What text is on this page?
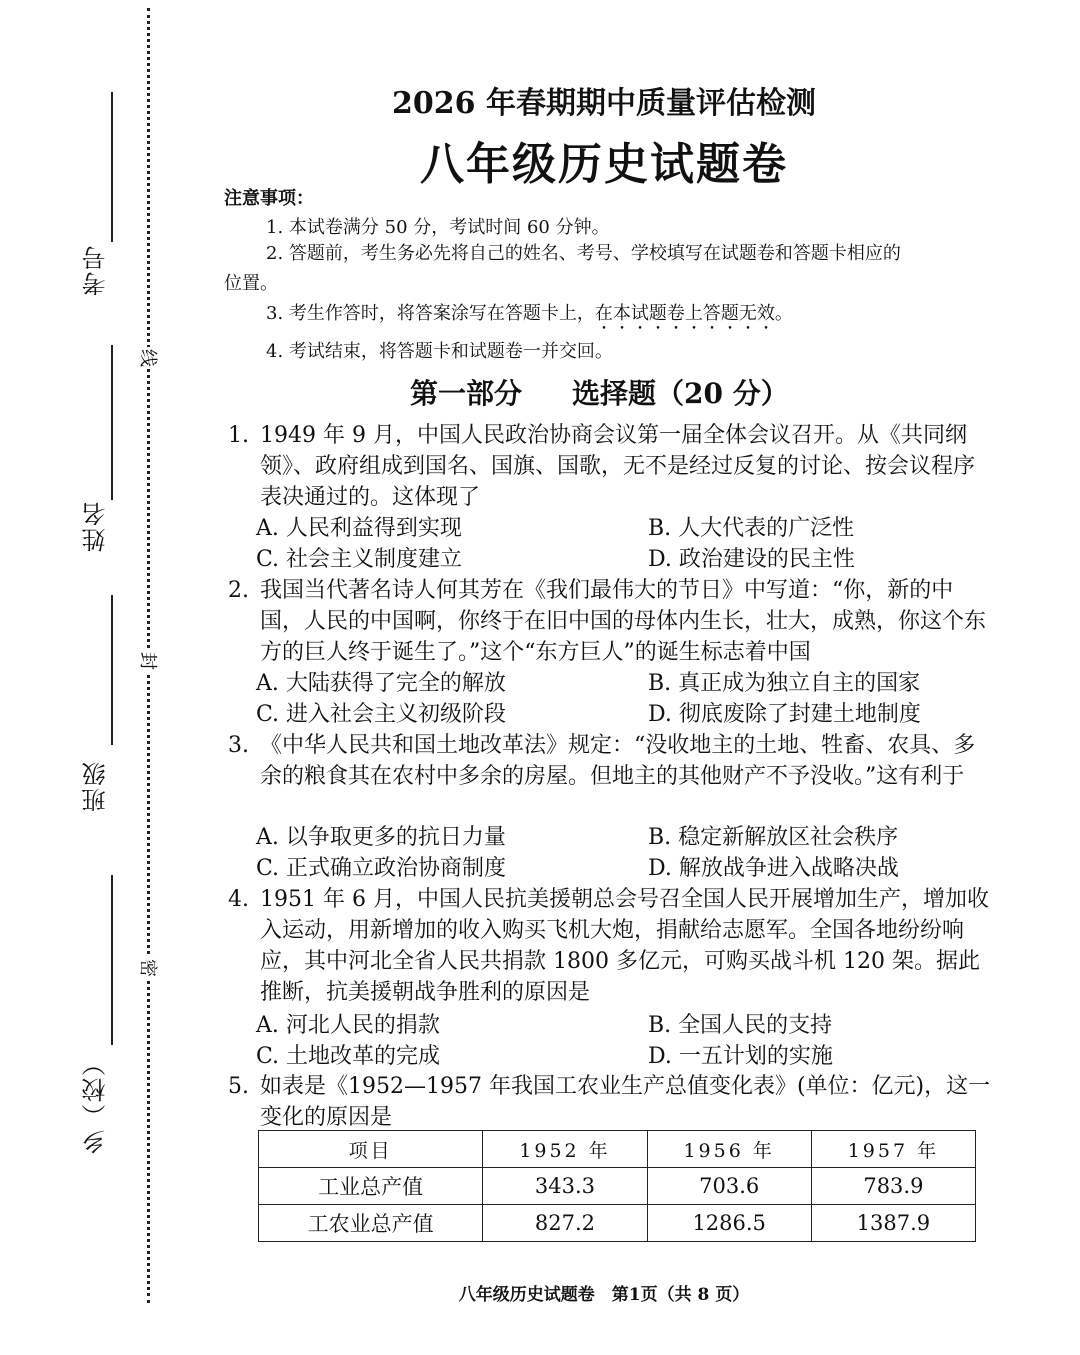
线
封
密
考号
姓名
班级
乡（校）
2026 年春期期中质量评估检测
八年级历史试题卷
注意事项：
1. 本试卷满分 50 分，考试时间 60 分钟。
2. 答题前，考生务必先将自己的姓名、考号、学校填写在试题卷和答题卡相应的
位置。
3. 考生作答时，将答案涂写在答题卡上，在本试题卷上答题无效。
4. 考试结束，将答题卡和试题卷一并交回。
第一部分 选择题（20 分）
1. 1949 年 9 月，中国人民政治协商会议第一届全体会议召开。从《共同纲领》、政府组成到国名、国旗、国歌，无不是经过反复的讨论、按会议程序表决通过的。这体现了
A. 人民利益得到实现	B. 人大代表的广泛性 C. 社会主义制度建立	D. 政治建设的民主性
2. 我国当代著名诗人何其芳在《我们最伟大的节日》中写道：“你，新的中国，人民的中国啊，你终于在旧中国的母体内生长，壮大，成熟，你这个东方的巨人终于诞生了。”这个“东方巨人”的诞生标志着中国
A. 大陆获得了完全的解放	B. 真正成为独立自主的国家 C. 进入社会主义初级阶段	D. 彻底废除了封建土地制度
3. 《中华人民共和国土地改革法》规定：“没收地主的土地、牲畜、农具、多余的粮食其在农村中多余的房屋。但地主的其他财产不予没收。”这有利于
A. 以争取更多的抗日力量	B. 稳定新解放区社会秩序 C. 正式确立政治协商制度	D. 解放战争进入战略决战
4. 1951 年 6 月，中国人民抗美援朝总会号召全国人民开展增加生产，增加收入运动，用新增加的收入购买飞机大炮，捐献给志愿军。全国各地纷纷响应，其中河北全省人民共捐款 1800 多亿元，可购买战斗机 120 架。据此推断，抗美援朝战争胜利的原因是
A. 河北人民的捐款	B. 全国人民的支持 C. 土地改革的完成	D. 一五计划的实施
5. 如表是《1952—1957 年我国工农业生产总值变化表》(单位：亿元)，这一变化的原因是
项目	1952 年	1956 年	1957 年
工业总产值	343.3	703.6	783.9
工农业总产值	827.2	1286.5	1387.9
八年级历史试题卷　第1页（共 8 页）
